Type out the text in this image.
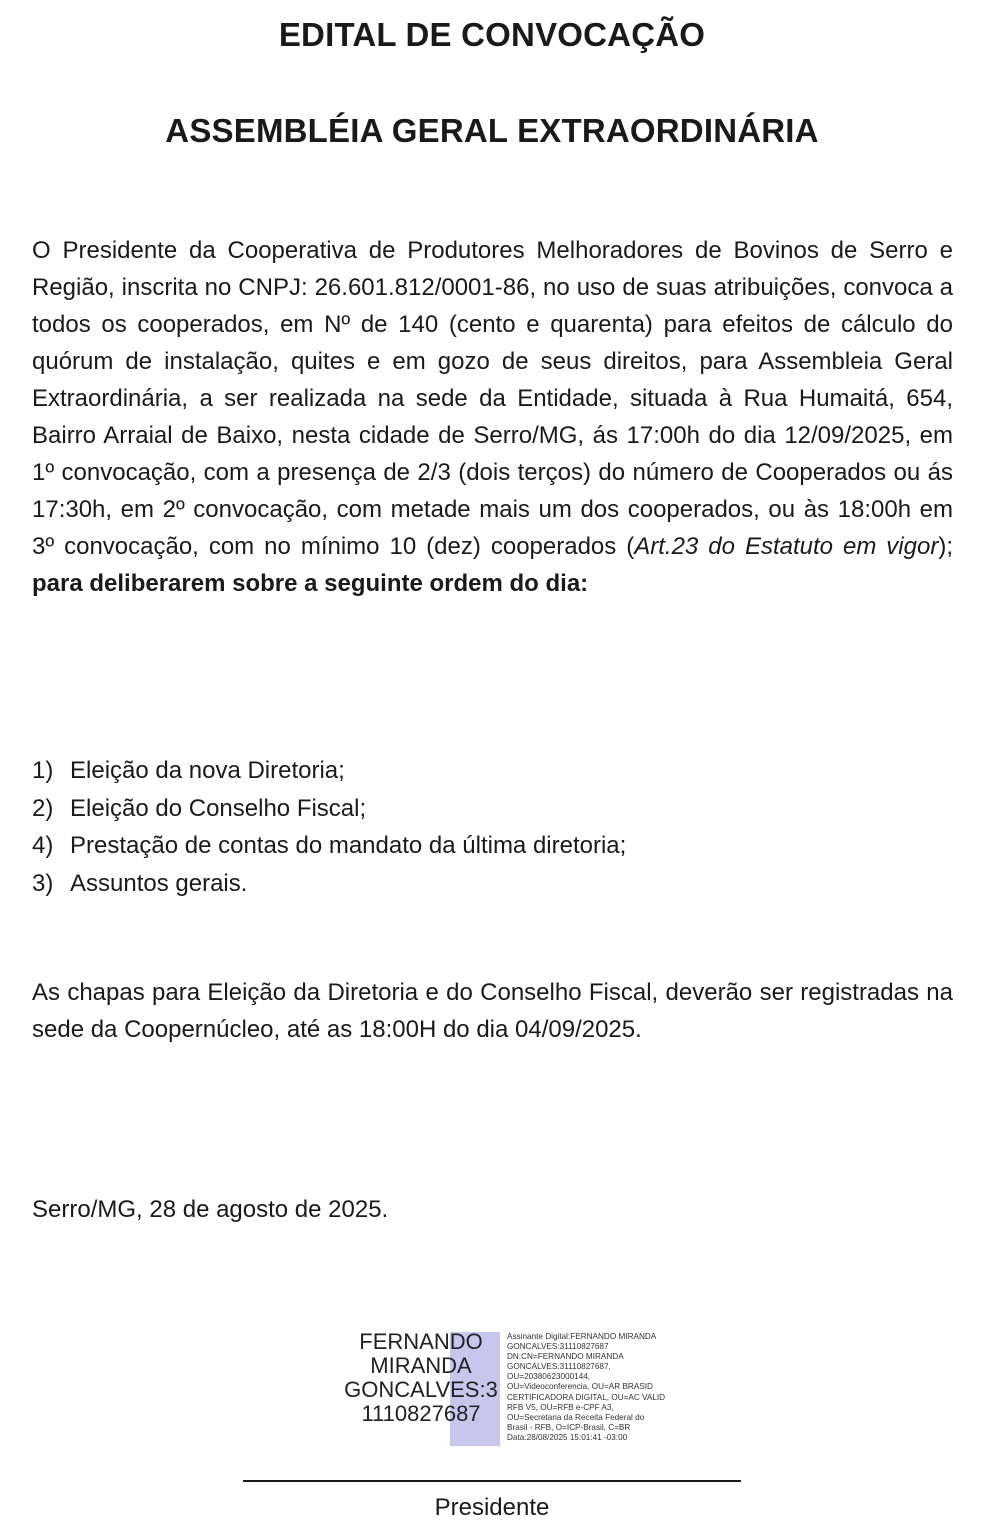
EDITAL DE CONVOCAÇÃO
ASSEMBLÉIA GERAL EXTRAORDINÁRIA

O Presidente da Cooperativa de Produtores Melhoradores de Bovinos de Serro e Região, inscrita no CNPJ: 26.601.812/0001-86, no uso de suas atribuições, convoca a todos os cooperados, em Nº de 140 (cento e quarenta) para efeitos de cálculo do quórum de instalação, quites e em gozo de seus direitos, para Assembleia Geral Extraordinária, a ser realizada na sede da Entidade, situada à Rua Humaitá, 654, Bairro Arraial de Baixo, nesta cidade de Serro/MG, ás 17:00h do dia 12/09/2025, em 1º convocação, com a presença de 2/3 (dois terços) do número de Cooperados ou ás 17:30h, em 2º convocação, com metade mais um dos cooperados, ou às 18:00h em 3º convocação, com no mínimo 10 (dez) cooperados (Art.23 do Estatuto em vigor); para deliberarem sobre a seguinte ordem do dia:

1) Eleição da nova Diretoria;
2) Eleição do Conselho Fiscal;
4) Prestação de contas do mandato da última diretoria;
3) Assuntos gerais.

As chapas para Eleição da Diretoria e do Conselho Fiscal, deverão ser registradas na sede da Coopernúcleo, até as 18:00H do dia 04/09/2025.

Serro/MG, 28 de agosto de 2025.

FERNANDO
MIRANDA
GONCALVES:3
1110827687
Assinante Digital:FERNANDO MIRANDA
GONCALVES:31110827687
DN:CN=FERNANDO MIRANDA
GONCALVES:31110827687,
OU=20380623000144,
OU=Videoconferencia, OU=AR BRASID
CERTIFICADORA DIGITAL, OU=AC VALID
RFB V5, OU=RFB e-CPF A3,
OU=Secretaria da Receita Federal do
Brasil - RFB, O=ICP-Brasil, C=BR
Data:28/08/2025 15:01:41 -03:00

Presidente
